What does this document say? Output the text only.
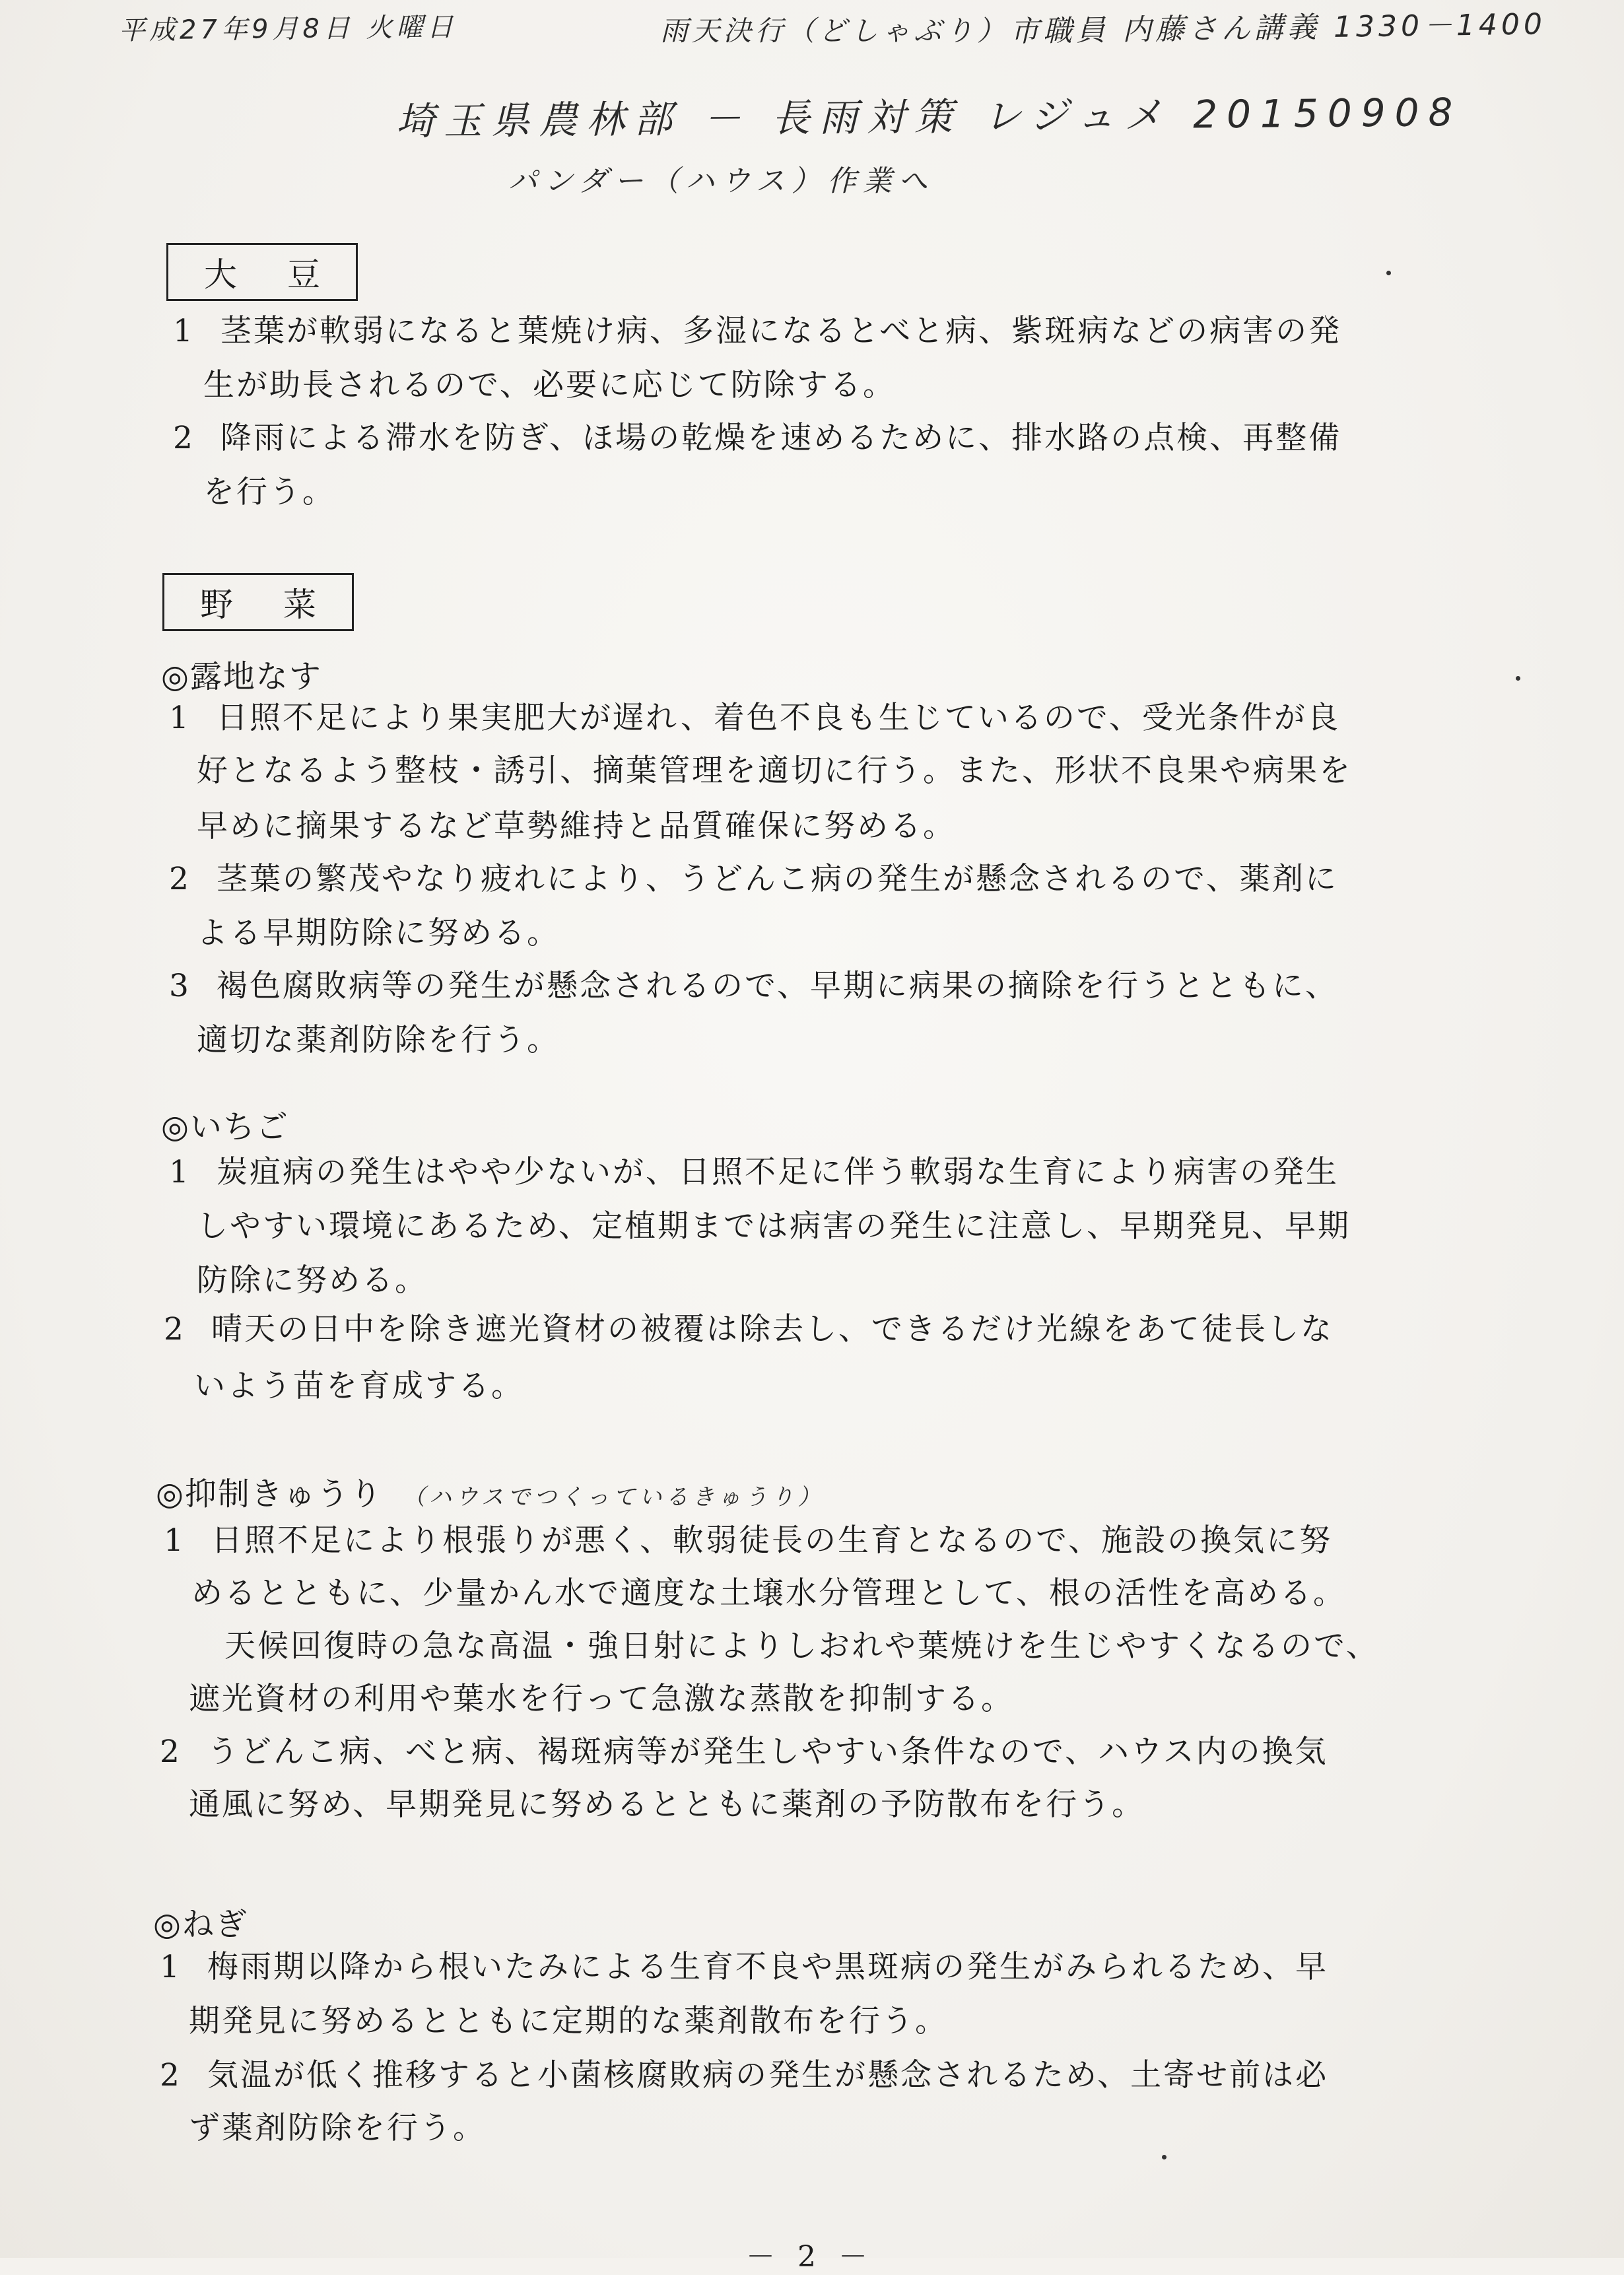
平成27年9月8日 火曜日	雨天決行（どしゃぶり） 市職員 内藤さん講義 1330－1400
埼玉県農林部 － 長雨対策 レジュメ 20150908
パンダー（ハウス）作業へ
大 豆
1 茎葉が軟弱になると葉焼け病、多湿になるとべと病、紫斑病などの病害の発
生が助長されるので、必要に応じて防除する。
2 降雨による滞水を防ぎ、ほ場の乾燥を速めるために、排水路の点検、再整備
を行う。
野 菜
◎露地なす
1 日照不足により果実肥大が遅れ、着色不良も生じているので、受光条件が良
好となるよう整枝・誘引、摘葉管理を適切に行う。また、形状不良果や病果を
早めに摘果するなど草勢維持と品質確保に努める。
2 茎葉の繁茂やなり疲れにより、うどんこ病の発生が懸念されるので、薬剤に
よる早期防除に努める。
3 褐色腐敗病等の発生が懸念されるので、早期に病果の摘除を行うとともに、
適切な薬剤防除を行う。
◎いちご
1 炭疽病の発生はやや少ないが、日照不足に伴う軟弱な生育により病害の発生
しやすい環境にあるため、定植期までは病害の発生に注意し、早期発見、早期
防除に努める。
2 晴天の日中を除き遮光資材の被覆は除去し、できるだけ光線をあて徒長しな
いよう苗を育成する。
◎抑制きゅうり （ハウスでつくっているきゅうり）
1 日照不足により根張りが悪く、軟弱徒長の生育となるので、施設の換気に努
めるとともに、少量かん水で適度な土壌水分管理として、根の活性を高める。
　天候回復時の急な高温・強日射によりしおれや葉焼けを生じやすくなるので、
遮光資材の利用や葉水を行って急激な蒸散を抑制する。
2 うどんこ病、べと病、褐斑病等が発生しやすい条件なので、ハウス内の換気
通風に努め、早期発見に努めるとともに薬剤の予防散布を行う。
◎ねぎ
1 梅雨期以降から根いたみによる生育不良や黒斑病の発生がみられるため、早
期発見に努めるとともに定期的な薬剤散布を行う。
2 気温が低く推移すると小菌核腐敗病の発生が懸念されるため、土寄せ前は必
ず薬剤防除を行う。
－ 2 －
